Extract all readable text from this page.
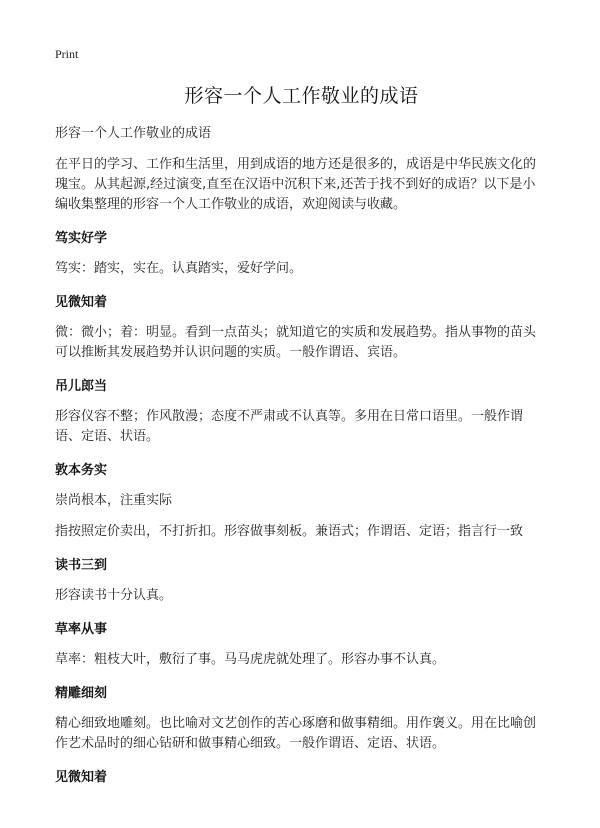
Print
形容一个人工作敬业的成语

形容一个人工作敬业的成语

在平日的学习、工作和生活里，用到成语的地方还是很多的，成语是中华民族文化的瑰宝。从其起源,经过演变,直至在汉语中沉积下来,还苦于找不到好的成语？以下是小编收集整理的形容一个人工作敬业的成语，欢迎阅读与收藏。

笃实好学

笃实：踏实，实在。认真踏实，爱好学问。

见微知着

微：微小；着：明显。看到一点苗头；就知道它的实质和发展趋势。指从事物的苗头可以推断其发展趋势并认识问题的实质。一般作谓语、宾语。

吊儿郎当

形容仪容不整；作风散漫；态度不严肃或不认真等。多用在日常口语里。一般作谓语、定语、状语。

敦本务实

崇尚根本，注重实际

指按照定价卖出，不打折扣。形容做事刻板。兼语式；作谓语、定语；指言行一致

读书三到

形容读书十分认真。

草率从事

草率：粗枝大叶，敷衍了事。马马虎虎就处理了。形容办事不认真。

精雕细刻

精心细致地雕刻。也比喻对文艺创作的苦心琢磨和做事精细。用作褒义。用在比喻创作艺术品时的细心钻研和做事精心细致。一般作谓语、定语、状语。

见微知着
